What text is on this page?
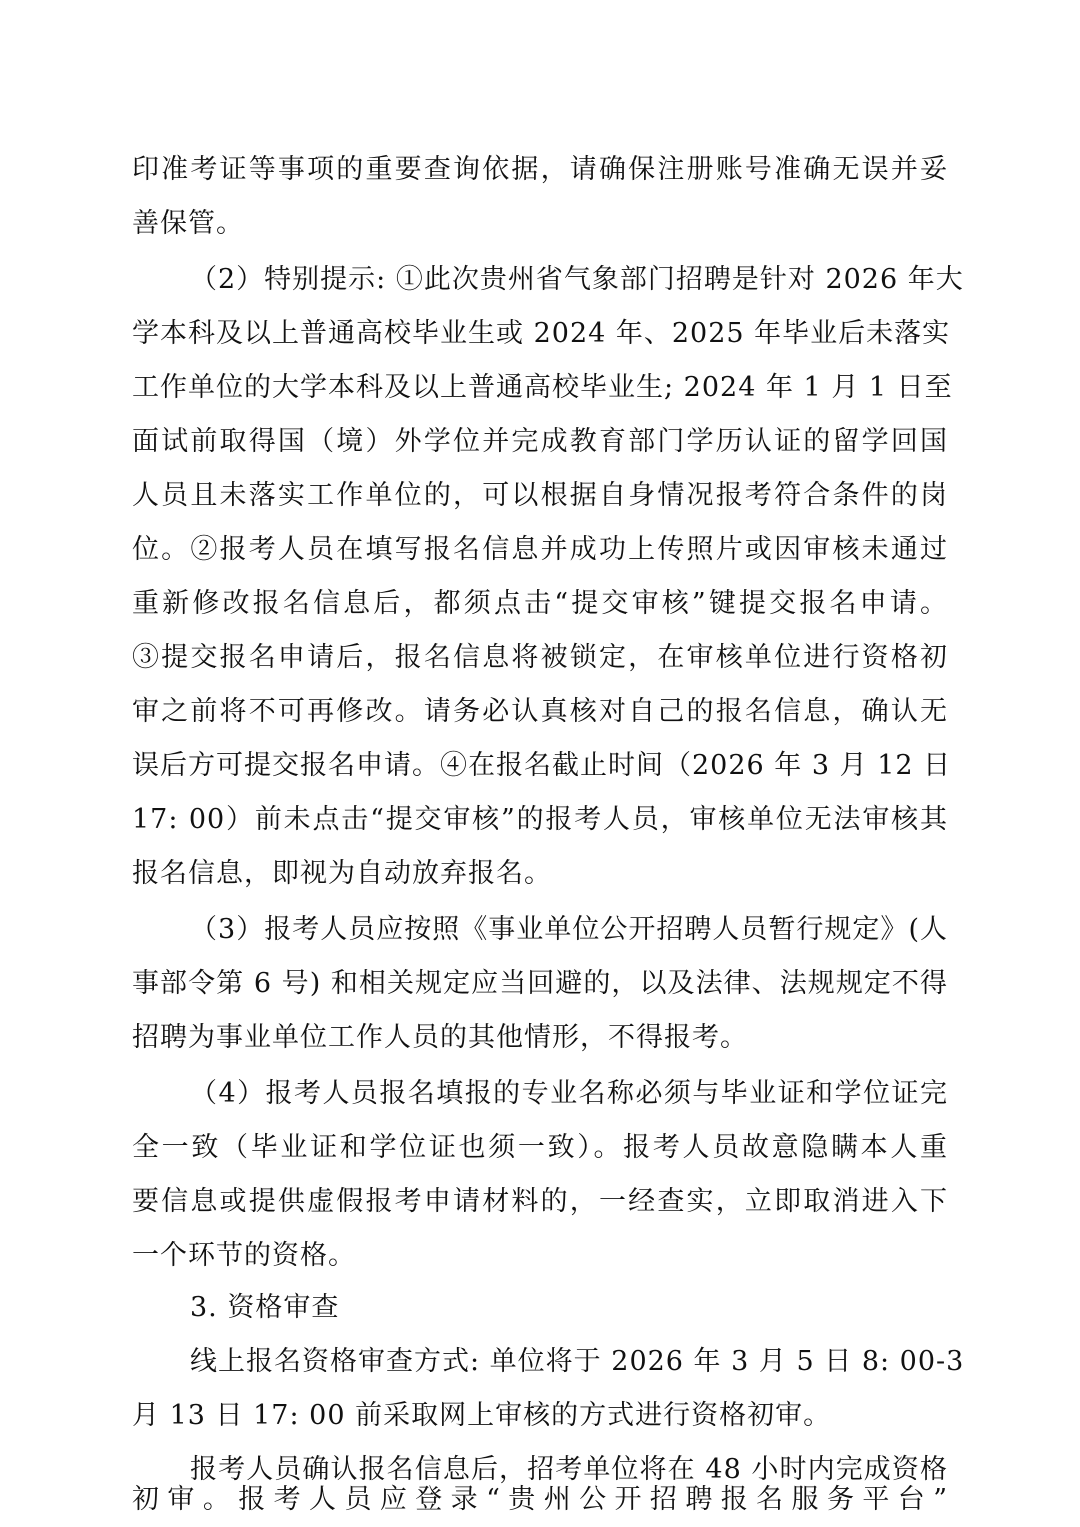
印准考证等事项的重要查询依据，请确保注册账号准确无误并妥
善保管。
（2）特别提示: ①此次贵州省气象部门招聘是针对 2026 年大
学本科及以上普通高校毕业生或 2024 年、2025 年毕业后未落实
工作单位的大学本科及以上普通高校毕业生; 2024 年 1 月 1 日至
面试前取得国（境）外学位并完成教育部门学历认证的留学回国
人员且未落实工作单位的，可以根据自身情况报考符合条件的岗
位。②报考人员在填写报名信息并成功上传照片或因审核未通过
重新修改报名信息后，都须点击“提交审核”键提交报名申请。
③提交报名申请后，报名信息将被锁定，在审核单位进行资格初
审之前将不可再修改。请务必认真核对自己的报名信息，确认无
误后方可提交报名申请。④在报名截止时间（2026 年 3 月 12 日
17: 00）前未点击“提交审核”的报考人员，审核单位无法审核其
报名信息，即视为自动放弃报名。
（3）报考人员应按照《事业单位公开招聘人员暂行规定》(人
事部令第 6 号) 和相关规定应当回避的，以及法律、法规规定不得
招聘为事业单位工作人员的其他情形，不得报考。
（4）报考人员报名填报的专业名称必须与毕业证和学位证完
全一致（毕业证和学位证也须一致）。报考人员故意隐瞒本人重
要信息或提供虚假报考申请材料的，一经查实，立即取消进入下
一个环节的资格。
3. 资格审查
线上报名资格审查方式: 单位将于 2026 年 3 月 5 日 8: 00-3
月 13 日 17: 00 前采取网上审核的方式进行资格初审。
报考人员确认报名信息后，招考单位将在 48 小时内完成资格
初审。报考人员应登录“贵州公开招聘报名服务平台”
